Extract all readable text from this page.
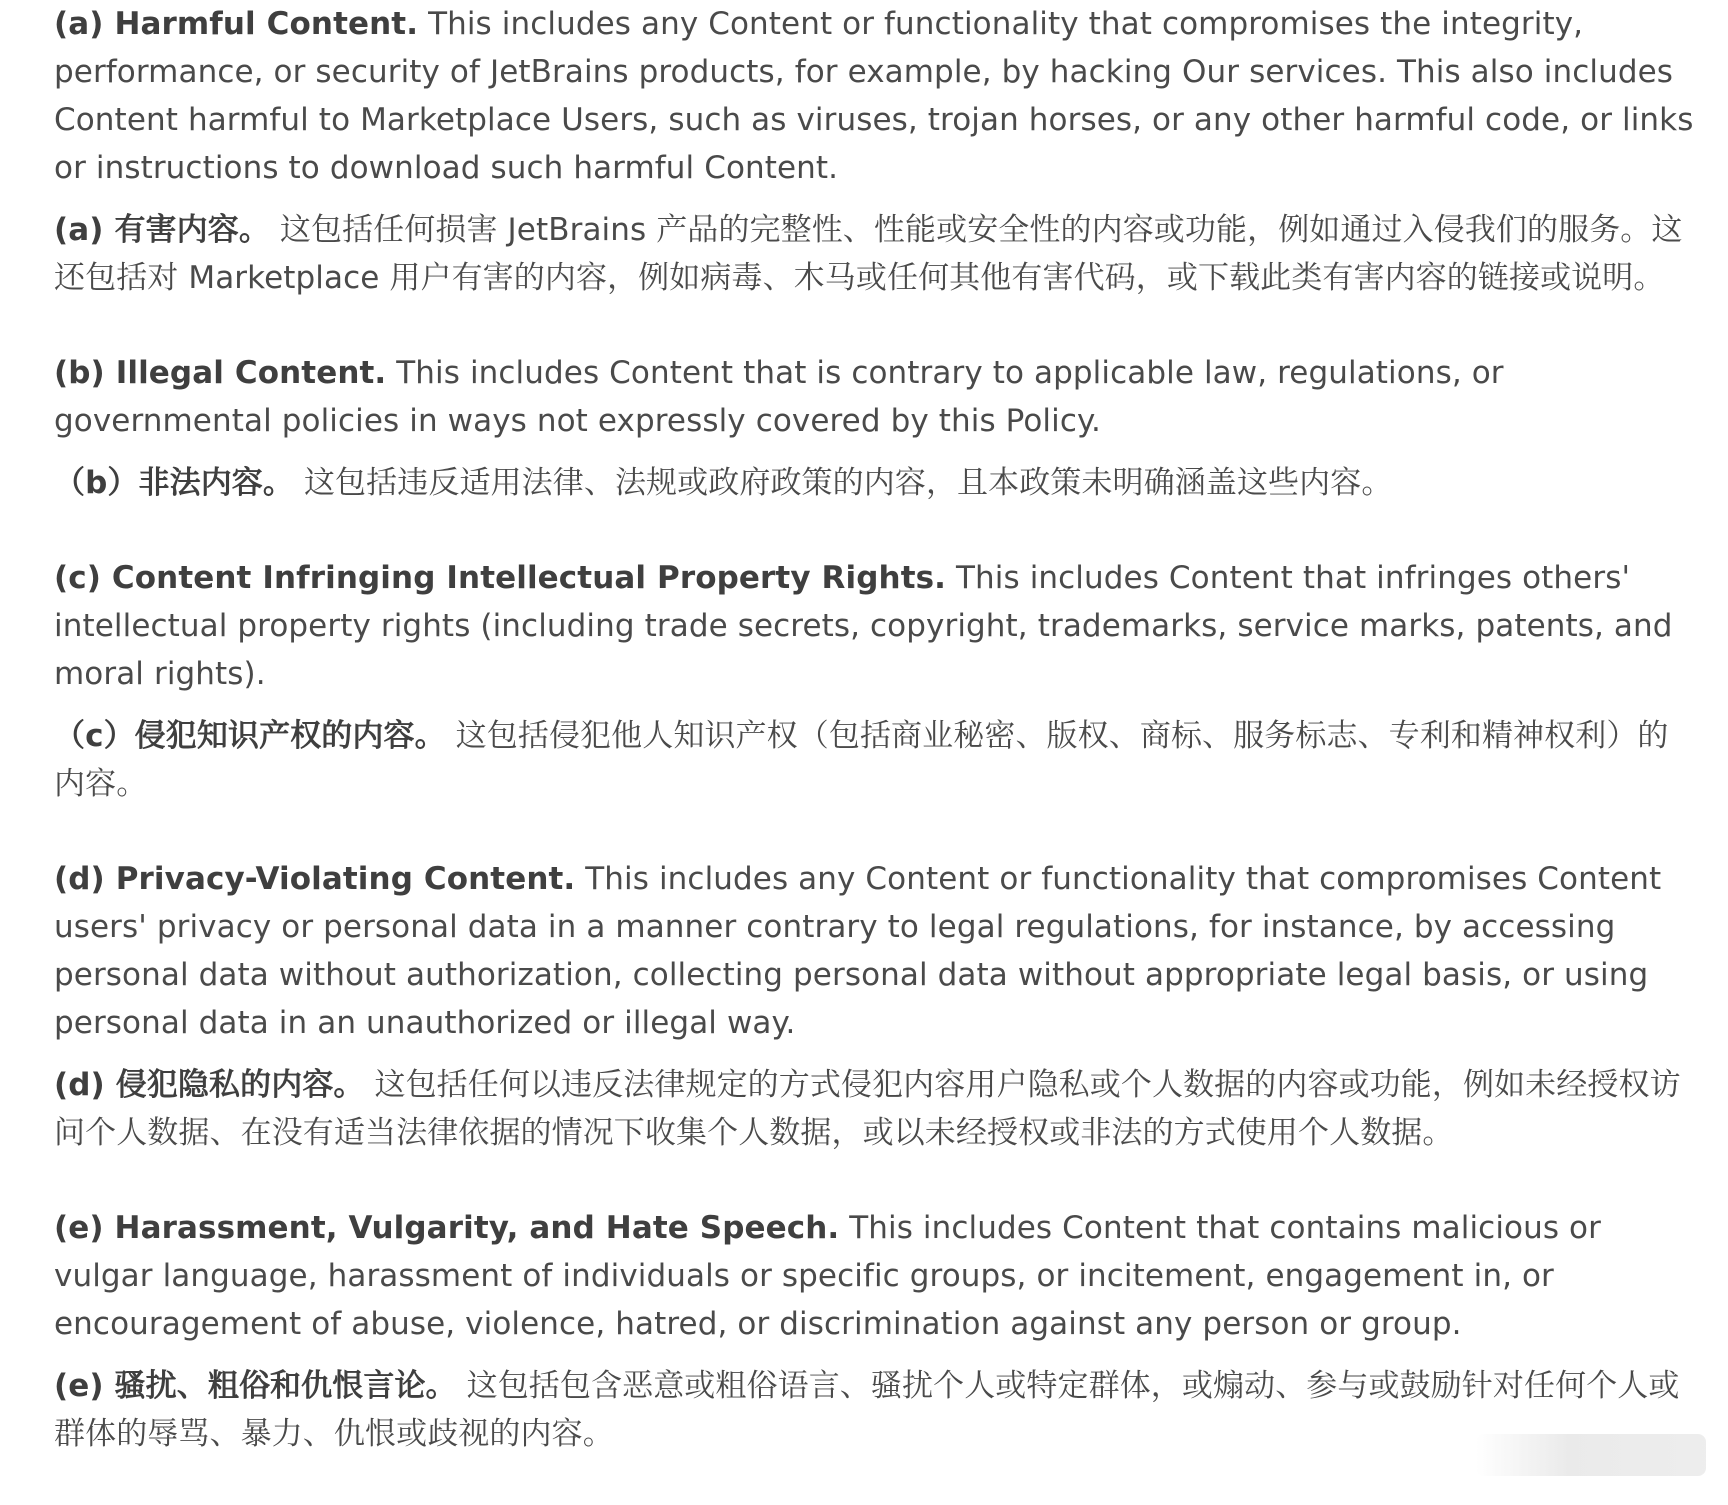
(a) Harmful Content. This includes any Content or functionality that compromises the integrity, performance, or security of JetBrains products, for example, by hacking Our services. This also includes Content harmful to Marketplace Users, such as viruses, trojan horses, or any other harmful code, or links or instructions to download such harmful Content.

(a) 有害内容。 这包括任何损害 JetBrains 产品的完整性、性能或安全性的内容或功能，例如通过入侵我们的服务。这还包括对 Marketplace 用户有害的内容，例如病毒、木马或任何其他有害代码，或下载此类有害内容的链接或说明。

(b) Illegal Content. This includes Content that is contrary to applicable law, regulations, or governmental policies in ways not expressly covered by this Policy.

（b）非法内容。 这包括违反适用法律、法规或政府政策的内容，且本政策未明确涵盖这些内容。

(c) Content Infringing Intellectual Property Rights. This includes Content that infringes others' intellectual property rights (including trade secrets, copyright, trademarks, service marks, patents, and moral rights).

（c）侵犯知识产权的内容。 这包括侵犯他人知识产权（包括商业秘密、版权、商标、服务标志、专利和精神权利）的内容。

(d) Privacy-Violating Content. This includes any Content or functionality that compromises Content users' privacy or personal data in a manner contrary to legal regulations, for instance, by accessing personal data without authorization, collecting personal data without appropriate legal basis, or using personal data in an unauthorized or illegal way.

(d) 侵犯隐私的内容。 这包括任何以违反法律规定的方式侵犯内容用户隐私或个人数据的内容或功能，例如未经授权访问个人数据、在没有适当法律依据的情况下收集个人数据，或以未经授权或非法的方式使用个人数据。

(e) Harassment, Vulgarity, and Hate Speech. This includes Content that contains malicious or vulgar language, harassment of individuals or specific groups, or incitement, engagement in, or encouragement of abuse, violence, hatred, or discrimination against any person or group.

(e) 骚扰、粗俗和仇恨言论。 这包括包含恶意或粗俗语言、骚扰个人或特定群体，或煽动、参与或鼓励针对任何个人或群体的辱骂、暴力、仇恨或歧视的内容。
